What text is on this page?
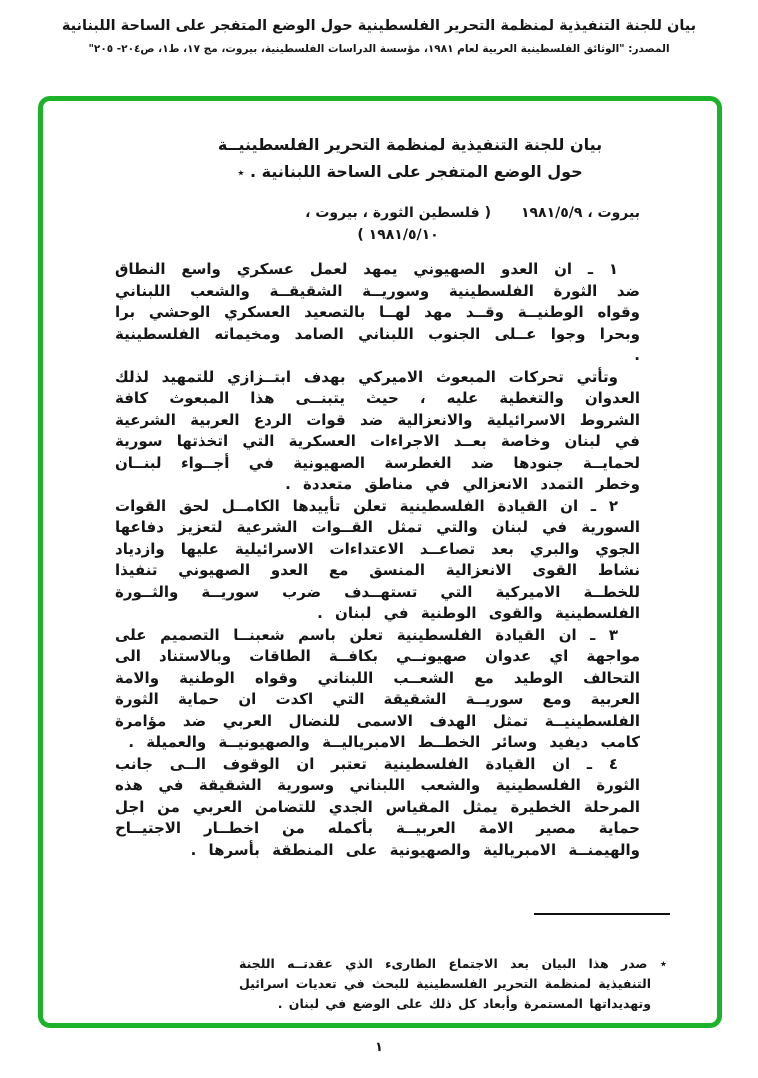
بيان للجنة التنفيذية لمنظمة التحرير الفلسطينية حول الوضع المتفجر على الساحة اللبنانية
المصدر: "الوثائق الفلسطينية العربية لعام ١٩٨١، مؤسسة الدراسات الفلسطينية، بيروت، مج ١٧، ط١، ص٢٠٤- ٢٠٥"
بيان للجنة التنفيذية لمنظمة التحرير الفلسطينيــة
حول الوضع المتفجر على الساحة اللبنانية . ٭
بيروت ، ١٩٨١/٥/٩
( فلسطين الثورة ، بيروت ،
١٩٨١/٥/١٠ )

١ ـ ان العدو الصهيوني يمهد لعمل عسكري واسع النطاق ضد الثورة الفلسطينية وسوريــة الشقيقــة والشعب اللبناني وقواه الوطنيــة وقــد مهد لهــا بالتصعيد العسكري الوحشي برا وبحرا وجوا عــلى الجنوب اللبناني الصامد ومخيماته الفلسطينية .

وتأتي تحركات المبعوث الاميركي بهدف ابتــزازي للتمهيد لذلك العدوان والتغطية عليه ، حيث يتبنــى هذا المبعوث كافة الشروط الاسرائيلية والانعزالية ضد قوات الردع العربية الشرعية في لبنان وخاصة بعــد الاجراءات العسكرية التي اتخذتها سورية لحمايــة جنودها ضد الغطرسة الصهيونية في أجــواء لبنــان وخطر التمدد الانعزالي في مناطق متعددة .

٢ ـ ان القيادة الفلسطينية تعلن تأييدها الكامــل لحق القوات السورية في لبنان والتي تمثل القــوات الشرعية لتعزيز دفاعها الجوي والبري بعد تصاعــد الاعتداءات الاسرائيلية عليها وازدياد نشاط القوى الانعزالية المنسق مع العدو الصهيوني تنفيذا للخطــة الاميركية التي تستهــدف ضرب سوريــة والثــورة الفلسطينية والقوى الوطنية في لبنان .

٣ ـ ان القيادة الفلسطينية تعلن باسم شعبنــا التصميم على مواجهة اي عدوان صهيونــي بكافــة الطاقات وبالاستناد الى التحالف الوطيد مع الشعــب اللبناني وقواه الوطنية والامة العربية ومع سوريــة الشقيقة التي اكدت ان حماية الثورة الفلسطينيــة تمثل الهدف الاسمى للنضال العربي ضد مؤامرة كامب ديفيد وسائر الخطــط الامبرياليــة والصهيونيــة والعميلة .

٤ ـ ان القيادة الفلسطينية تعتبر ان الوقوف الــى جانب الثورة الفلسطينية والشعب اللبناني وسورية الشقيقة في هذه المرحلة الخطيرة يمثل المقياس الجدي للتضامن العربي من اجل حماية مصير الامة العربيــة بأكمله من اخطــار الاجتيــاح والهيمنــة الامبريالية والصهيونية على المنطقة بأسرها .

٭ صدر هذا البيان بعد الاجتماع الطارىء الذي عقدتــه اللجنة التنفيذية لمنظمة التحرير الفلسطينية للبحث في تعديات اسرائيل وتهديداتها المستمرة وأبعاد كل ذلك على الوضع في لبنان .

١
